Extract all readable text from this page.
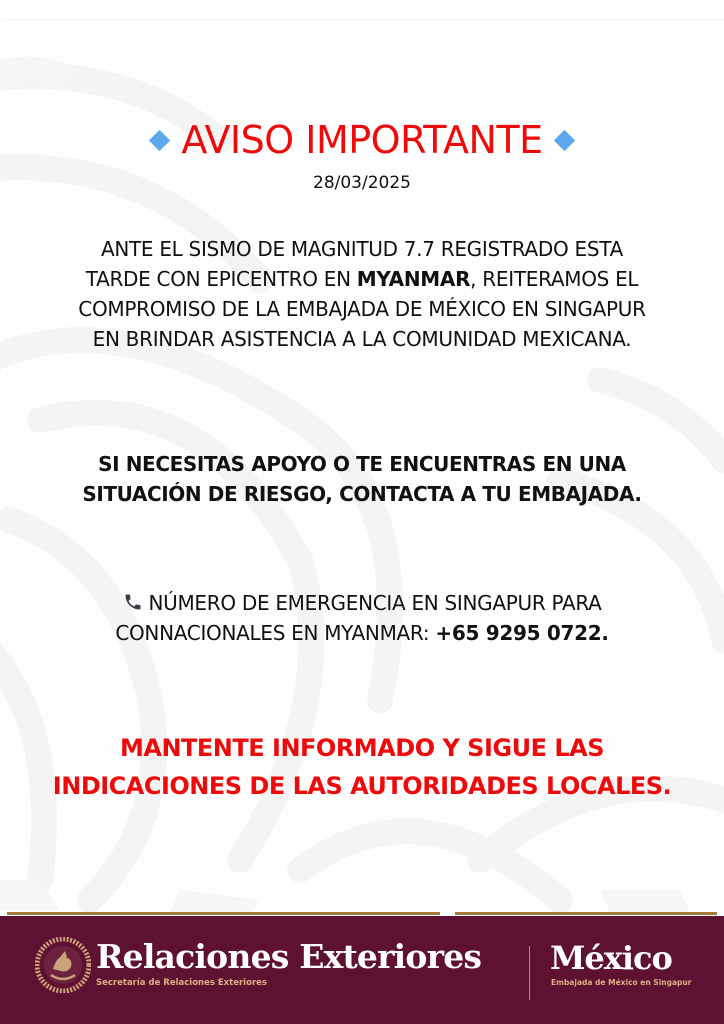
AVISO IMPORTANTE
28/03/2025
ANTE EL SISMO DE MAGNITUD 7.7 REGISTRADO ESTA
TARDE CON EPICENTRO EN MYANMAR, REITERAMOS EL
COMPROMISO DE LA EMBAJADA DE MÉXICO EN SINGAPUR
EN BRINDAR ASISTENCIA A LA COMUNIDAD MEXICANA.
SI NECESITAS APOYO O TE ENCUENTRAS EN UNA
SITUACIÓN DE RIESGO, CONTACTA A TU EMBAJADA.
NÚMERO DE EMERGENCIA EN SINGAPUR PARA
CONNACIONALES EN MYANMAR: +65 9295 0722.
MANTENTE INFORMADO Y SIGUE LAS
INDICACIONES DE LAS AUTORIDADES LOCALES.
Relaciones Exteriores
Secretaría de Relaciones Exteriores
México
Embajada de México en Singapur
